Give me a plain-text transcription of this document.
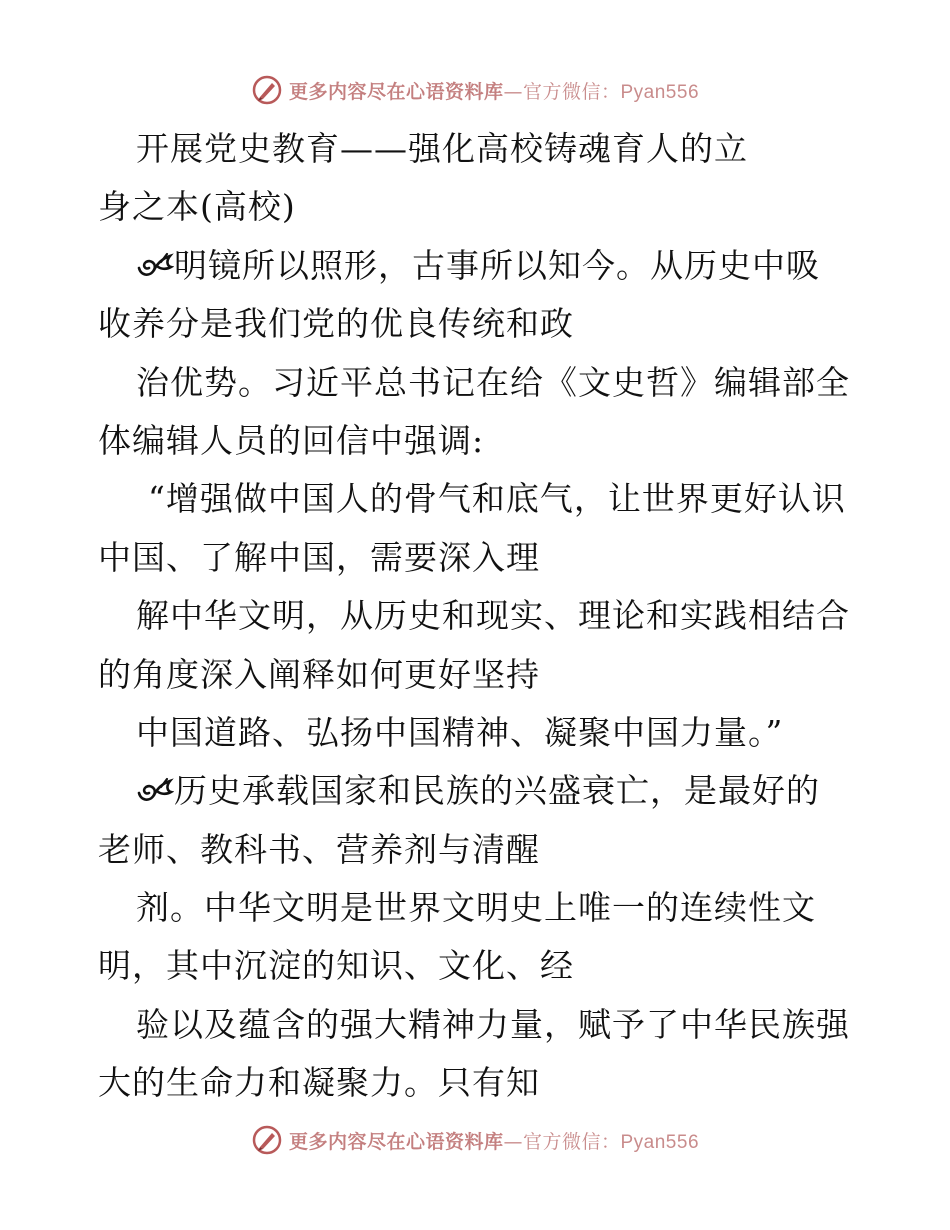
更多内容尽在心语资料库—官方微信：Pyan556
开展党史教育——强化高校铸魂育人的立
身之本(高校)
明镜所以照形，古事所以知今。从历史中吸
收养分是我们党的优良传统和政
治优势。习近平总书记在给《文史哲》编辑部全
体编辑人员的回信中强调:
“增强做中国人的骨气和底气，让世界更好认识
中国、了解中国，需要深入理
解中华文明，从历史和现实、理论和实践相结合
的角度深入阐释如何更好坚持
中国道路、弘扬中国精神、凝聚中国力量。”
历史承载国家和民族的兴盛衰亡，是最好的
老师、教科书、营养剂与清醒
剂。中华文明是世界文明史上唯一的连续性文
明，其中沉淀的知识、文化、经
验以及蕴含的强大精神力量，赋予了中华民族强
大的生命力和凝聚力。只有知
更多内容尽在心语资料库—官方微信：Pyan556
